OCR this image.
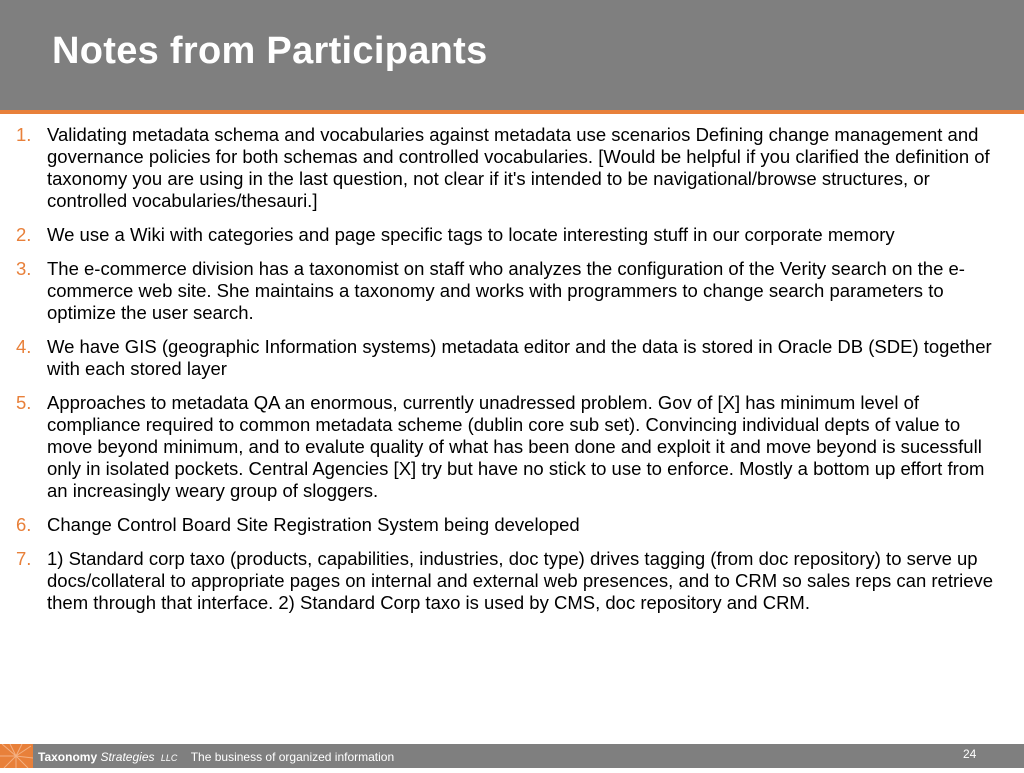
Notes from Participants
1. Validating metadata schema and vocabularies against metadata use scenarios Defining change management and governance policies for both schemas and controlled vocabularies. [Would be helpful if you clarified the definition of taxonomy you are using in the last question, not clear if it's intended to be navigational/browse structures, or controlled vocabularies/thesauri.]
2. We use a Wiki with categories and page specific tags to locate interesting stuff in our corporate memory
3. The e-commerce division has a taxonomist on staff who analyzes the configuration of the Verity search on the e-commerce web site. She maintains a taxonomy and works with programmers to change search parameters to optimize the user search.
4. We have GIS (geographic Information systems) metadata editor and the data is stored in Oracle DB (SDE) together with each stored layer
5. Approaches to metadata QA an enormous, currently unadressed problem. Gov of [X] has minimum level of compliance required to common metadata scheme (dublin core sub set). Convincing individual depts of value to move beyond minimum, and to evalute quality of what has been done and exploit it and move beyond is sucessfull only in isolated pockets. Central Agencies [X] try but have no stick to use to enforce. Mostly a bottom up effort from an increasingly weary group of sloggers.
6. Change Control Board Site Registration System being developed
7. 1) Standard corp taxo (products, capabilities, industries, doc type) drives tagging (from doc repository) to serve up docs/collateral to appropriate pages on internal and external web presences, and to CRM so sales reps can retrieve them through that interface. 2) Standard Corp taxo is used by CMS, doc repository and CRM.
Taxonomy Strategies LLC The business of organized information	24
